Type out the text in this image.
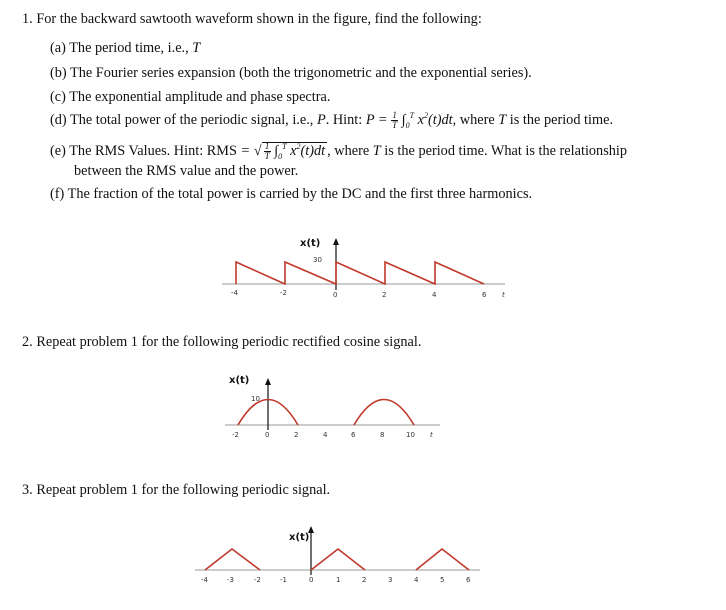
1. For the backward sawtooth waveform shown in the figure, find the following:
(a) The period time, i.e., T
(b) The Fourier series expansion (both the trigonometric and the exponential series).
(c) The exponential amplitude and phase spectra.
(d) The total power of the periodic signal, i.e., P. Hint: $P = \frac{1}{T} \int_0^T$ $x^2(t)dt$, where T is the period time.
(e) The RMS Values. Hint: RMS = √ $\frac{1}{T} \int_0^T$ $x^2(t)dt$ , where T is the period time. What is the relationship
between the RMS value and the power.
(f) The fraction of the total power is carried by the DC and the first three harmonics.
x(t)
30
-4	-2	0	2	4	6 t
2. Repeat problem 1 for the following periodic rectified cosine signal.
x(t)
10
-2	0	2	4	6	8	10 t
3. Repeat problem 1 for the following periodic signal.
x(t)
-4	-3	-2	-1	0	1	2	3	4	5	6
